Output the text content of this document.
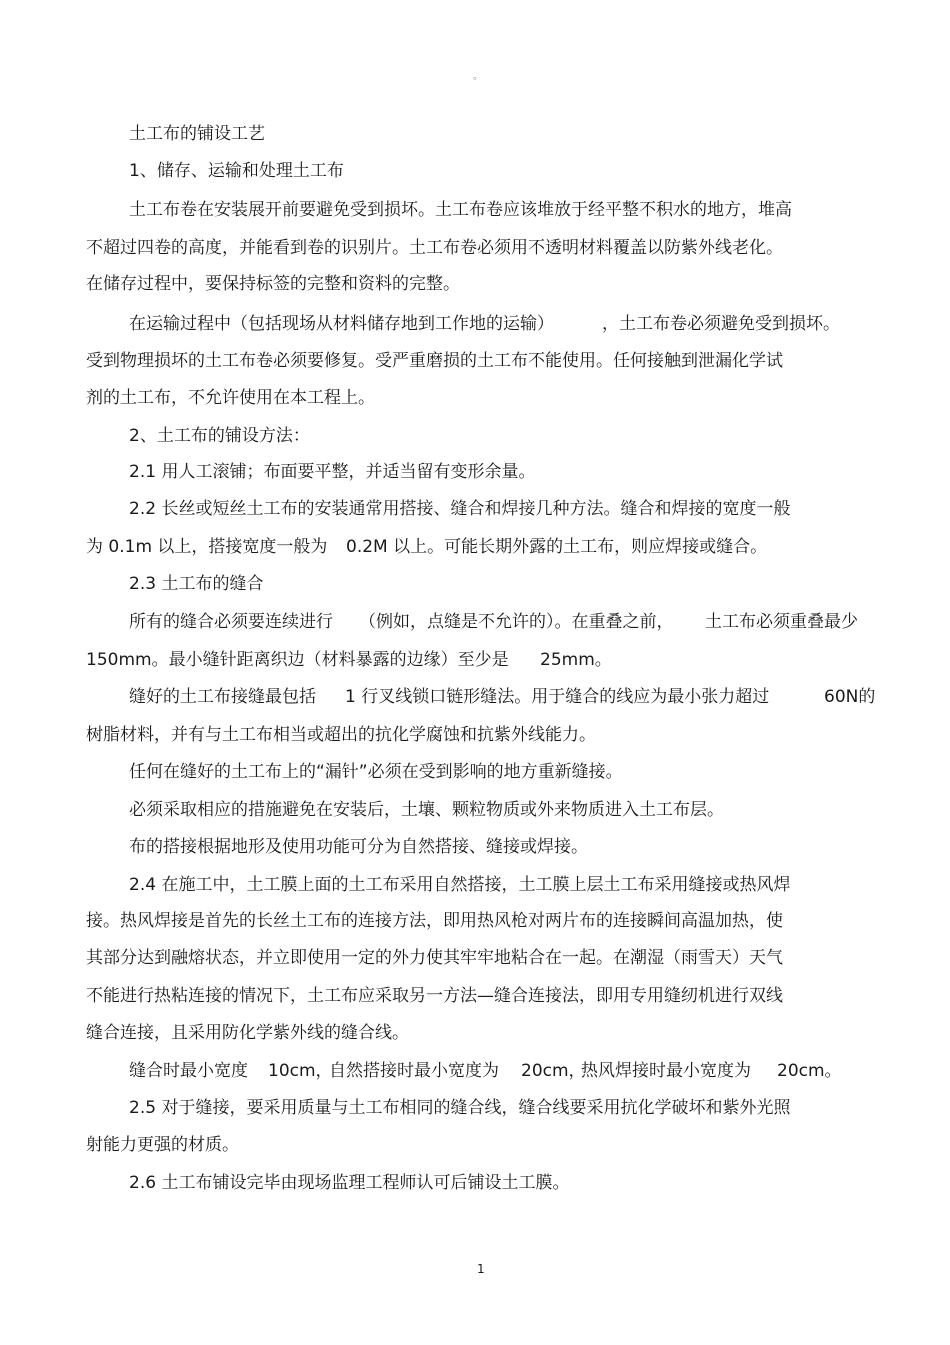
。
土工布的铺设工艺
1、储存、运输和处理土工布
土工布卷在安装展开前要避免受到损坏。土工布卷应该堆放于经平整不积水的地方，堆高
不超过四卷的高度，并能看到卷的识别片。土工布卷必须用不透明材料覆盖以防紫外线老化。
在储存过程中，要保持标签的完整和资料的完整。
在运输过程中（包括现场从材料储存地到工作地的运输）	，土工布卷必须避免受到损坏。
受到物理损坏的土工布卷必须要修复。受严重磨损的土工布不能使用。任何接触到泄漏化学试
剂的土工布，不允许使用在本工程上。
2、土工布的铺设方法：
2.1 用人工滚铺；布面要平整，并适当留有变形余量。
2.2 长丝或短丝土工布的安装通常用搭接、缝合和焊接几种方法。缝合和焊接的宽度一般
为 0.1m 以上，搭接宽度一般为 0.2M 以上。可能长期外露的土工布，则应焊接或缝合。
2.3 土工布的缝合
所有的缝合必须要连续进行 （例如，点缝是不允许的）。在重叠之前， 土工布必须重叠最少
150mm。最小缝针距离织边（材料暴露的边缘）至少是 25mm。
缝好的土工布接缝最包括 1 行叉线锁口链形缝法。用于缝合的线应为最小张力超过	60N的
树脂材料，并有与土工布相当或超出的抗化学腐蚀和抗紫外线能力。
任何在缝好的土工布上的“漏针”必须在受到影响的地方重新缝接。
必须采取相应的措施避免在安装后，土壤、颗粒物质或外来物质进入土工布层。
布的搭接根据地形及使用功能可分为自然搭接、缝接或焊接。
2.4 在施工中，土工膜上面的土工布采用自然搭接，土工膜上层土工布采用缝接或热风焊
接。热风焊接是首先的长丝土工布的连接方法，即用热风枪对两片布的连接瞬间高温加热，使
其部分达到融熔状态，并立即使用一定的外力使其牢牢地粘合在一起。在潮湿（雨雪天）天气
不能进行热粘连接的情况下，土工布应采取另一方法—缝合连接法，即用专用缝纫机进行双线
缝合连接，且采用防化学紫外线的缝合线。
缝合时最小宽度 10cm，
自然搭接时最小宽度为 20cm，
热风焊接时最小宽度为 20cm。
2.5 对于缝接，要采用质量与土工布相同的缝合线，缝合线要采用抗化学破坏和紫外光照
射能力更强的材质。
2.6 土工布铺设完毕由现场监理工程师认可后铺设土工膜。
1
